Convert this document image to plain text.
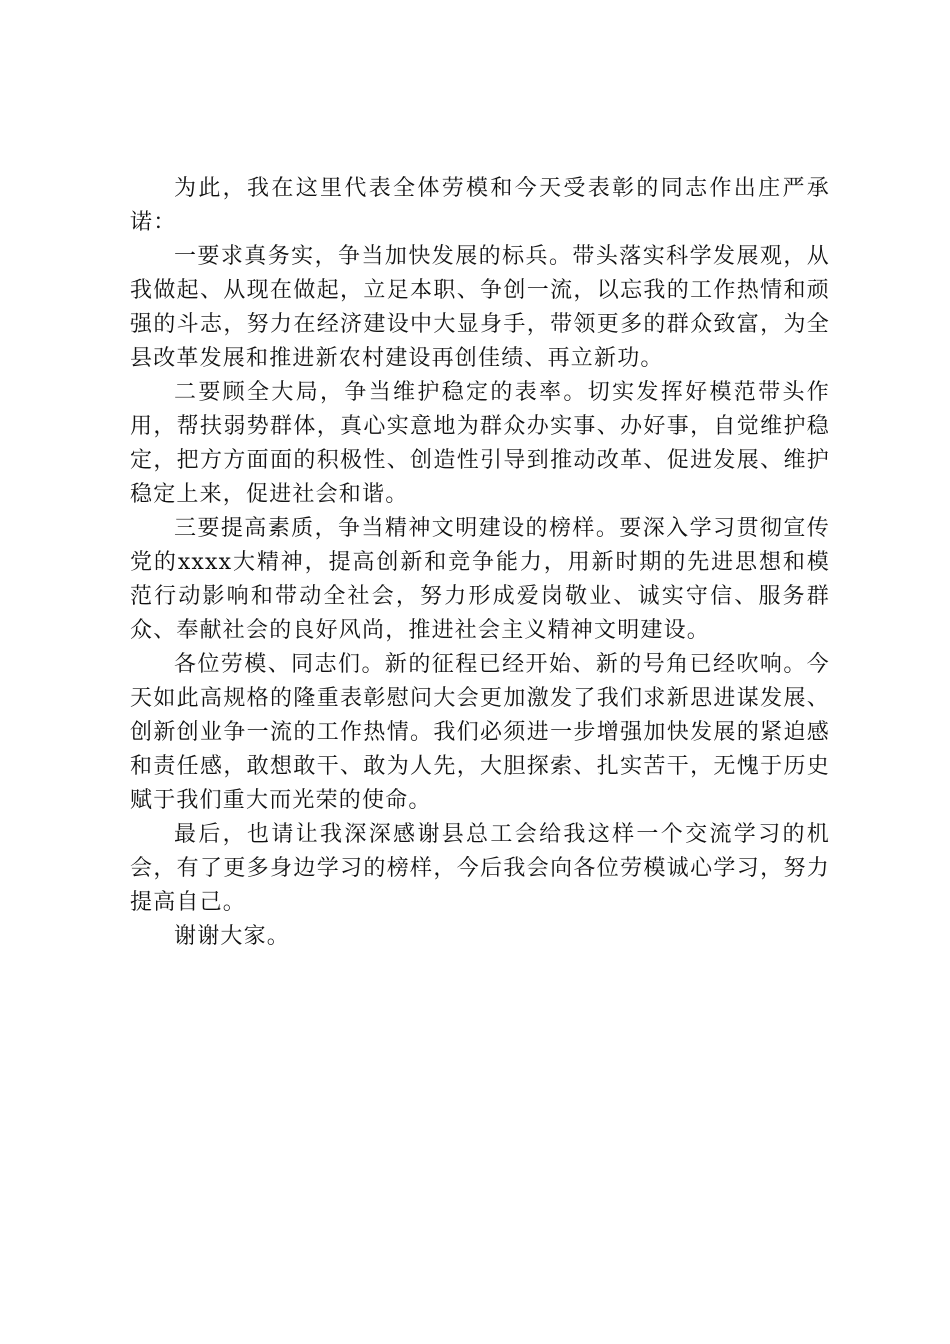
为此，我在这里代表全体劳模和今天受表彰的同志作出庄严承诺：

一要求真务实，争当加快发展的标兵。带头落实科学发展观，从我做起、从现在做起，立足本职、争创一流，以忘我的工作热情和顽强的斗志，努力在经济建设中大显身手，带领更多的群众致富，为全县改革发展和推进新农村建设再创佳绩、再立新功。

二要顾全大局，争当维护稳定的表率。切实发挥好模范带头作用，帮扶弱势群体，真心实意地为群众办实事、办好事，自觉维护稳定，把方方面面的积极性、创造性引导到推动改革、促进发展、维护稳定上来，促进社会和谐。

三要提高素质，争当精神文明建设的榜样。要深入学习贯彻宣传党的xxxx大精神，提高创新和竞争能力，用新时期的先进思想和模范行动影响和带动全社会，努力形成爱岗敬业、诚实守信、服务群众、奉献社会的良好风尚，推进社会主义精神文明建设。

各位劳模、同志们。新的征程已经开始、新的号角已经吹响。今天如此高规格的隆重表彰慰问大会更加激发了我们求新思进谋发展、创新创业争一流的工作热情。我们必须进一步增强加快发展的紧迫感和责任感，敢想敢干、敢为人先，大胆探索、扎实苦干，无愧于历史赋于我们重大而光荣的使命。

最后，也请让我深深感谢县总工会给我这样一个交流学习的机会，有了更多身边学习的榜样，今后我会向各位劳模诚心学习，努力提高自己。

谢谢大家。
